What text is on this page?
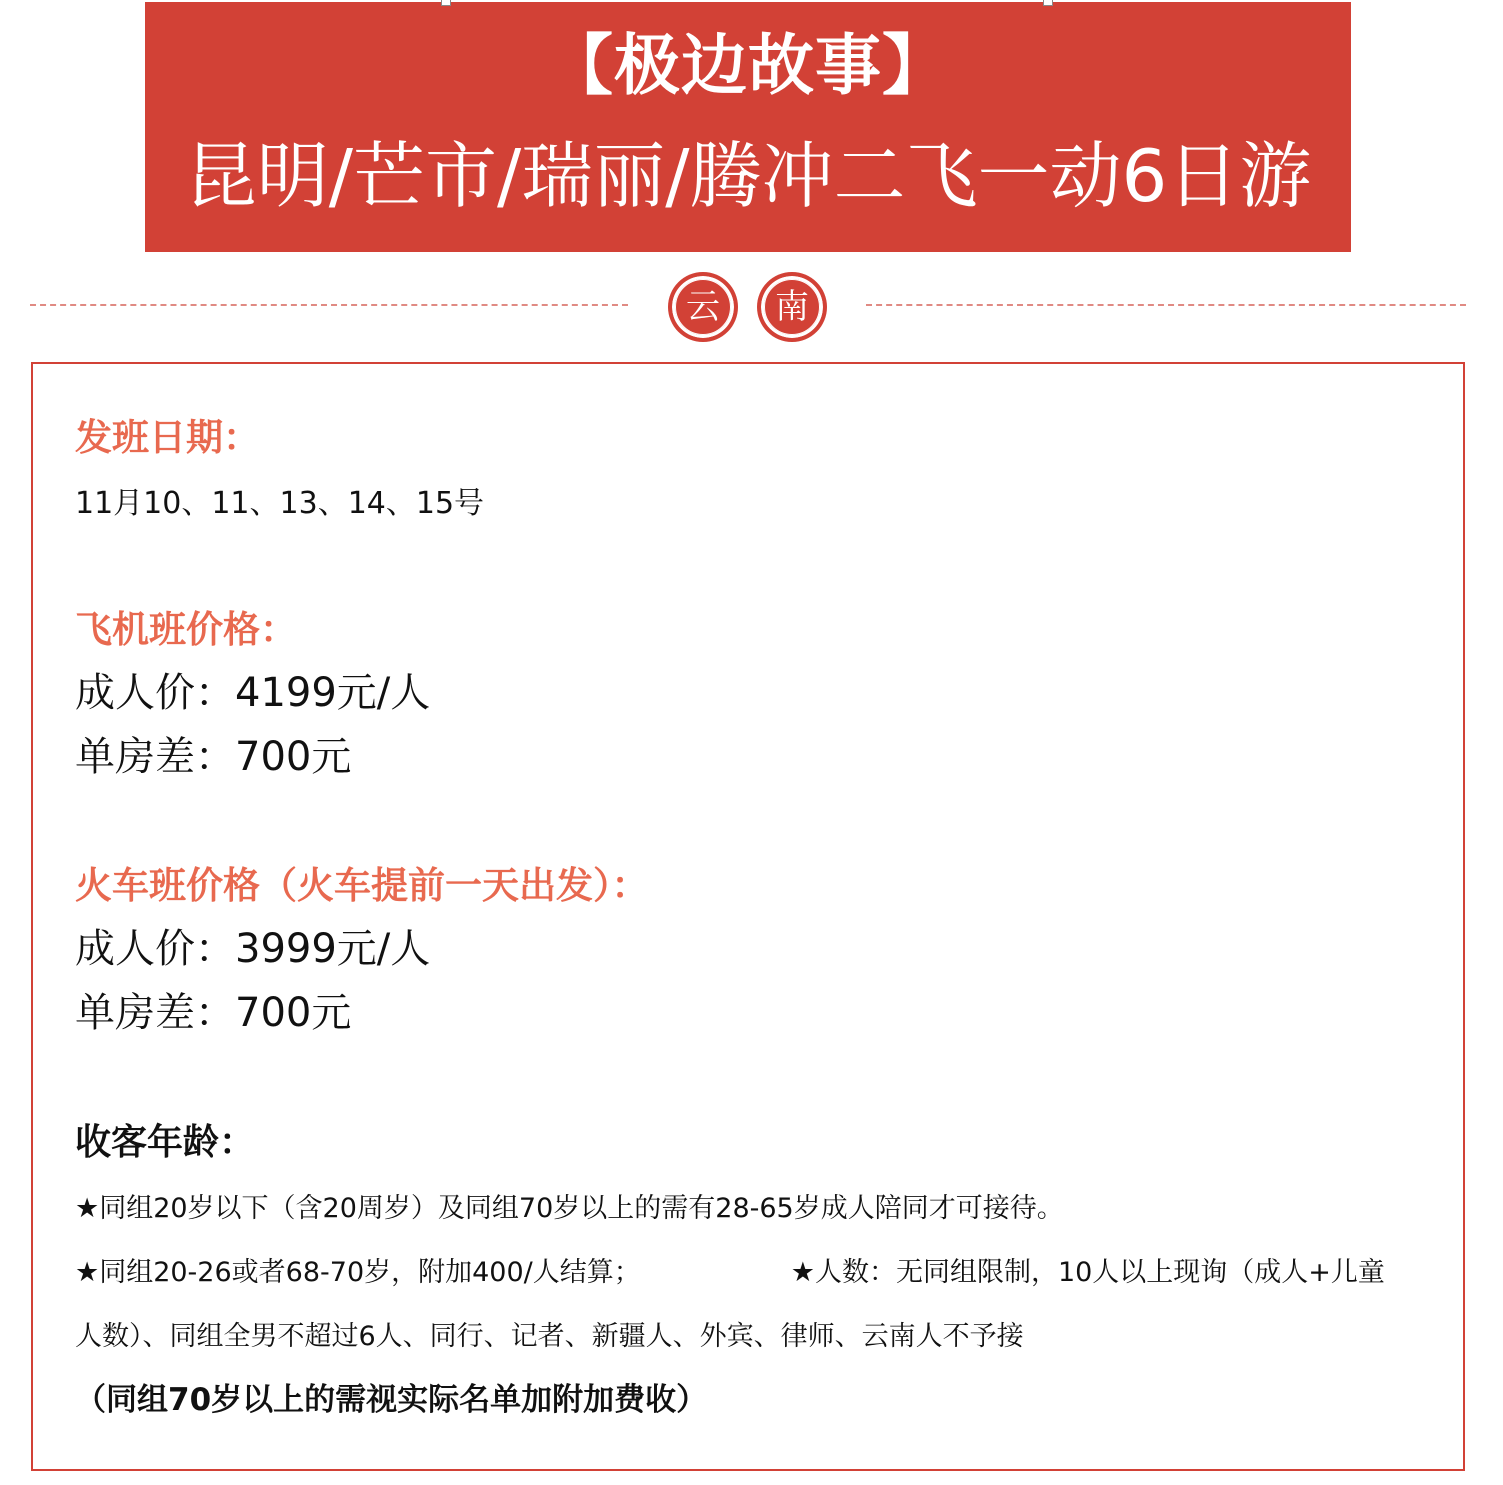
【极边故事】
昆明/芒市/瑞丽/腾冲二飞一动6日游
云	南
发班日期：
11月10、11、13、14、15号
飞机班价格：
成人价：4199元/人
单房差：700元
火车班价格（火车提前一天出发）：
成人价：3999元/人
单房差：700元
收客年龄：
★同组20岁以下（含20周岁）及同组70岁以上的需有28-65岁成人陪同才可接待。
★同组20-26或者68-70岁，附加400/人结算；	★人数：无同组限制，10人以上现询（成人+儿童
人数）、同组全男不超过6人、同行、记者、新疆人、外宾、律师、云南人不予接
（同组70岁以上的需视实际名单加附加费收）
